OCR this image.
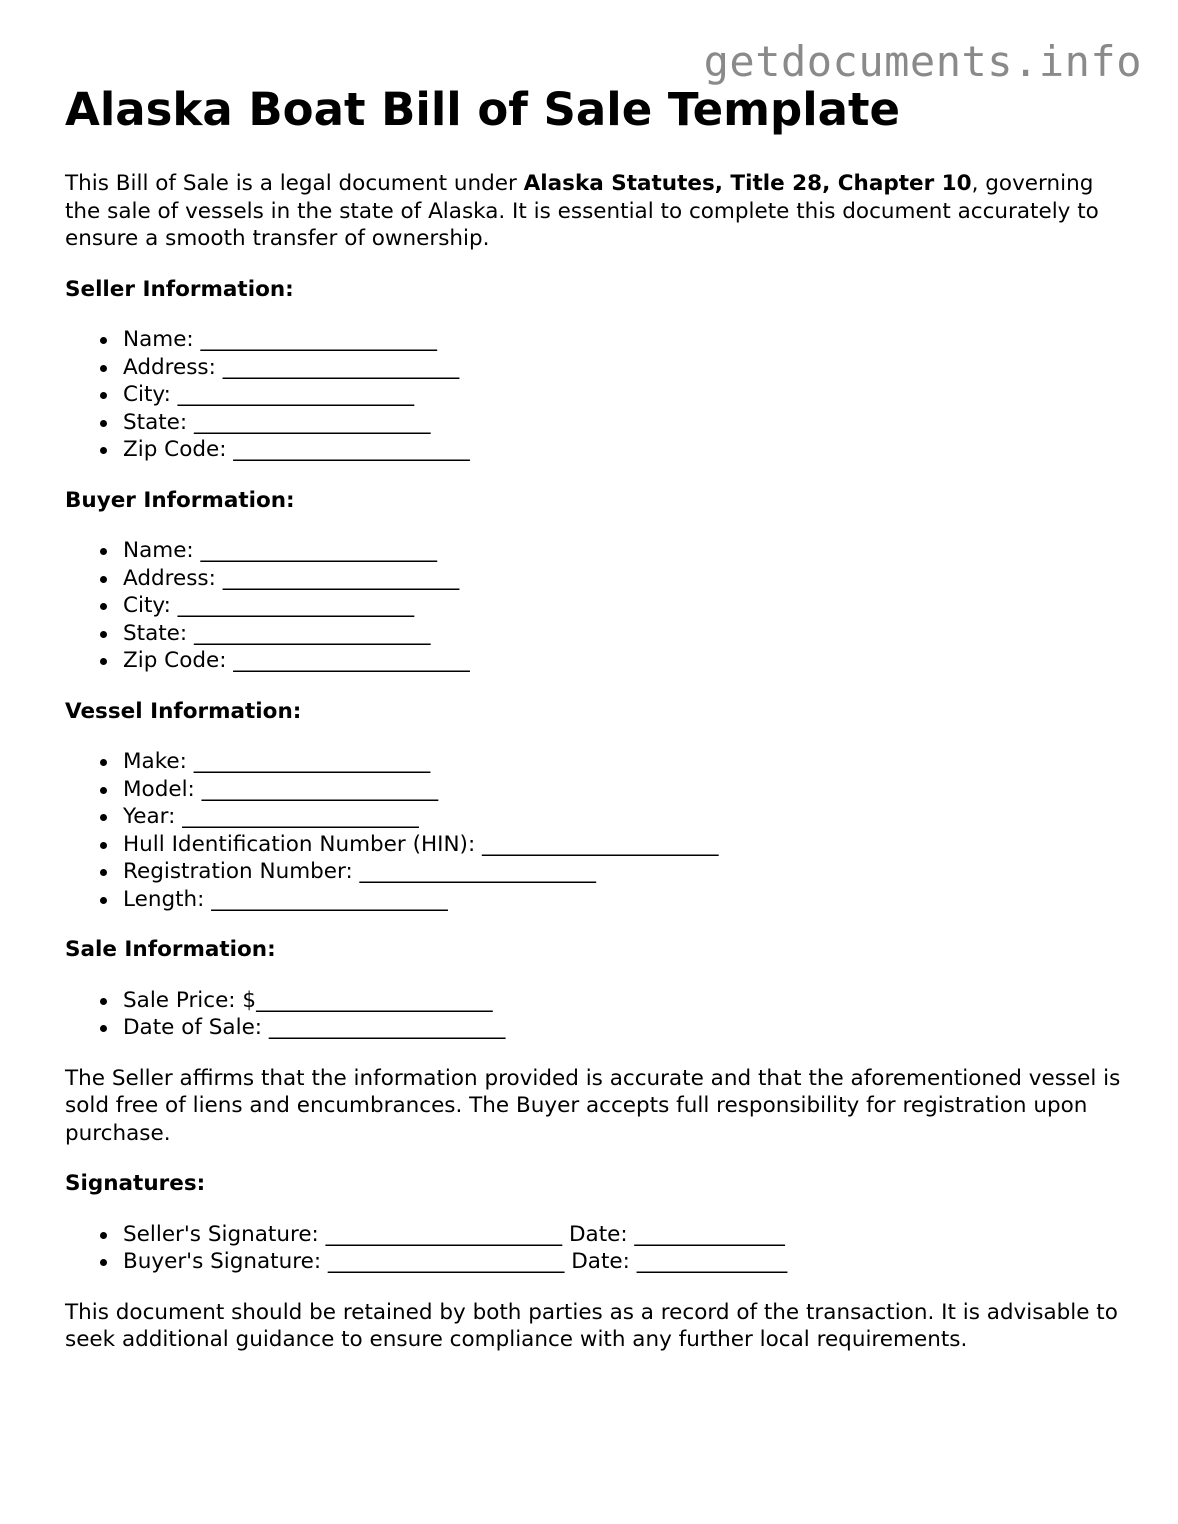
getdocuments.info
Alaska Boat Bill of Sale Template

This Bill of Sale is a legal document under Alaska Statutes, Title 28, Chapter 10, governing the sale of vessels in the state of Alaska. It is essential to complete this document accurately to ensure a smooth transfer of ownership.

Seller Information:

Name: ______________________
Address: ______________________
City: ______________________
State: ______________________
Zip Code: ______________________

Buyer Information:

Name: ______________________
Address: ______________________
City: ______________________
State: ______________________
Zip Code: ______________________

Vessel Information:

Make: ______________________
Model: ______________________
Year: ______________________
Hull Identification Number (HIN): ______________________
Registration Number: ______________________
Length: ______________________

Sale Information:

Sale Price: $______________________
Date of Sale: ______________________

The Seller affirms that the information provided is accurate and that the aforementioned vessel is sold free of liens and encumbrances. The Buyer accepts full responsibility for registration upon purchase.

Signatures:

Seller's Signature: ______________________ Date: ______________
Buyer's Signature: ______________________ Date: ______________

This document should be retained by both parties as a record of the transaction. It is advisable to seek additional guidance to ensure compliance with any further local requirements.
